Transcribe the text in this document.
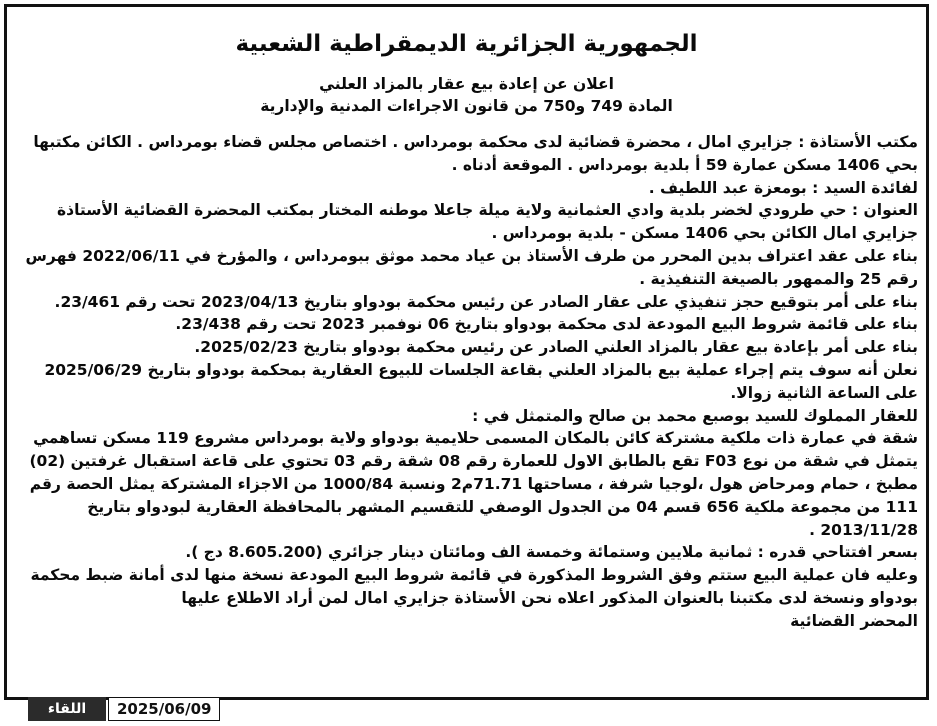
الجمهورية الجزائرية الديمقراطية الشعبية

اعلان عن إعادة بيع عقار بالمزاد العلني

المادة 749 و750 من قانون الاجراءات المدنية والإدارية

مكتب الأستاذة : جزايري امال ، محضرة قضائية لدى محكمة بومرداس . اختصاص مجلس قضاء بومرداس . الكائن مكتبها بحي 1406 مسكن عمارة 59 أ بلدية بومرداس . الموقعة أدناه .

لفائدة السيد : بومعزة عبد اللطيف .

العنوان : حي طرودي لخضر بلدية وادي العثمانية ولاية ميلة جاعلا موطنه المختار بمكتب المحضرة القضائية الأستاذة جزايري امال الكائن بحي 1406 مسكن - بلدية بومرداس .

بناء على عقد اعتراف بدين المحرر من طرف الأستاذ بن عياد محمد موثق ببومرداس ، والمؤرخ في 2022/06/11 فهرس رقم 25 والممهور بالصيغة التنفيذية .

بناء على أمر بتوقيع حجز تنفيذي على عقار الصادر عن رئيس محكمة بودواو بتاريخ 2023/04/13 تحت رقم 23/461.

بناء على قائمة شروط البيع المودعة لدى محكمة بودواو بتاريخ 06 نوفمبر 2023 تحت رقم 23/438.

بناء على أمر بإعادة بيع عقار بالمزاد العلني الصادر عن رئيس محكمة بودواو بتاريخ 2025/02/23.

نعلن أنه سوف يتم إجراء عملية بيع بالمزاد العلني بقاعة الجلسات للبيوع العقارية بمحكمة بودواو بتاريخ 2025/06/29 على الساعة الثانية زوالا.

للعقار المملوك للسيد بوصبع محمد بن صالح والمتمثل في :

شقة في عمارة ذات ملكية مشتركة كائن بالمكان المسمى حلايمية بودواو ولاية بومرداس مشروع 119 مسكن تساهمي يتمثل في شقة من نوع F03 تقع بالطابق الاول للعمارة رقم 08 شقة رقم 03 تحتوي على قاعة استقبال غرفتين (02) مطبخ ، حمام ومرحاض هول ،لوجيا شرفة ، مساحتها 71.71م2 ونسبة 1000/84 من الاجزاء المشتركة يمثل الحصة رقم 111 من مجموعة ملكية 656 قسم 04 من الجدول الوصفي للتقسيم المشهر بالمحافظة العقارية لبودواو بتاريخ 2013/11/28 .

بسعر افتتاحي قدره : ثمانية ملايين وستمائة وخمسة الف ومائتان دينار جزائري (8.605.200 دج ).

وعليه فان عملية البيع ستتم وفق الشروط المذكورة في قائمة شروط البيع المودعة نسخة منها لدى أمانة ضبط محكمة بودواو ونسخة لدى مكتبنا بالعنوان المذكور اعلاه نحن الأستاذة جزايري امال لمن أراد الاطلاع عليها

المحضر القضائية

اللقاء	2025/06/09
